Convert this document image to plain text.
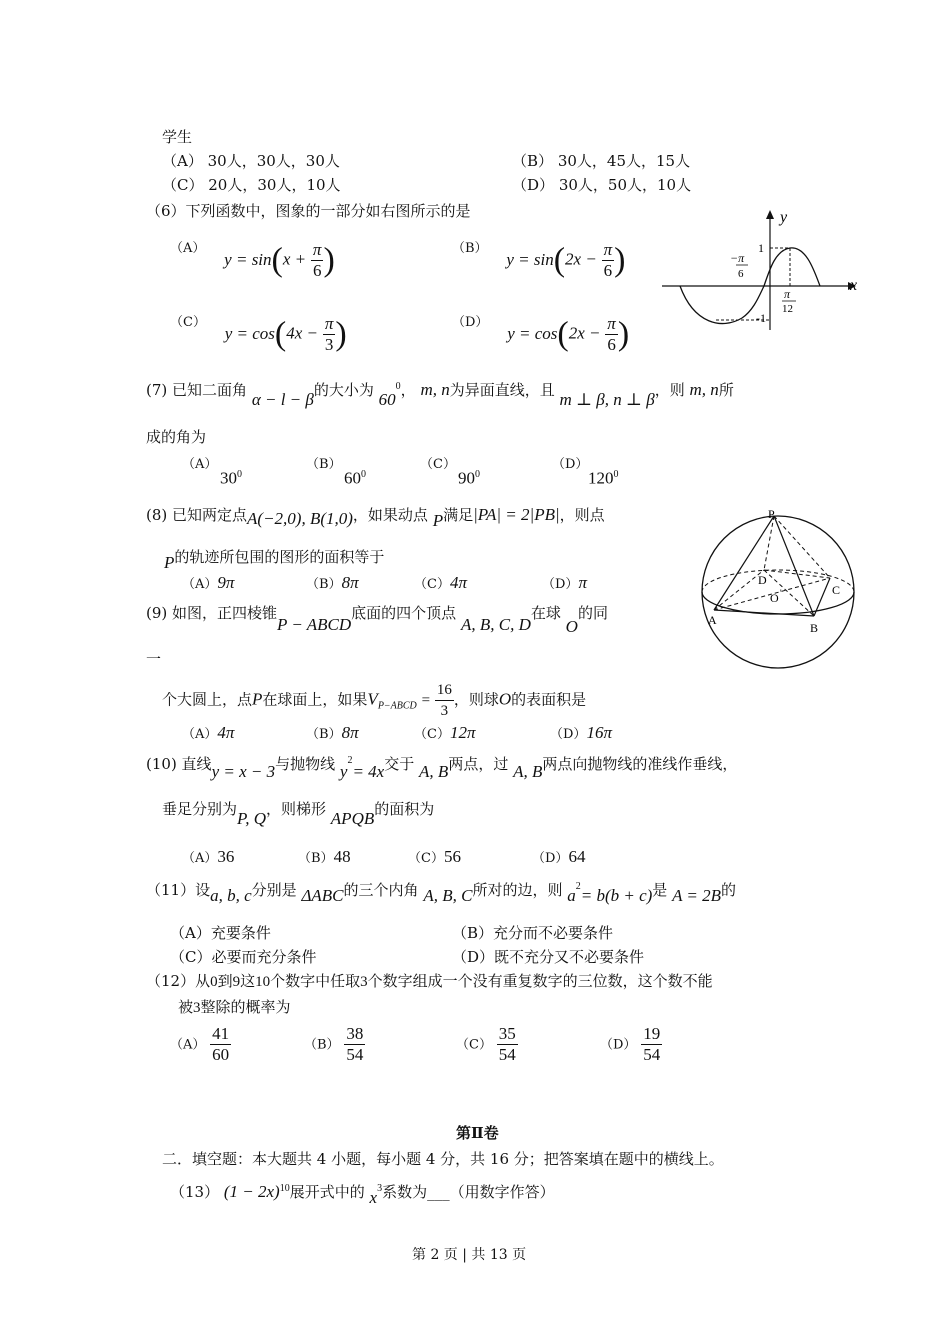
学生
（A） 30人，30人，30人	（B） 30人，45人，15人
（C） 20人，30人，10人	（D） 30人，50人，10人
（6）下列函数中，图象的一部分如右图所示的是
（A） $y = \sin(x + \frac{\pi}{6}$ )	（B） $y = \sin(2x - \frac{\pi}{6}$ )
（C） $y = \cos(4x - \frac{\pi}{3}$ )	（D） $y = \cos(2x - \frac{\pi}{6}$ )
y
x
1
-1
−π
6
π
12
(7) 已知二面角 α − l − β的大小为 $60^0$， m, n为异面直线，且 m ⊥ β, n ⊥ β，则 m, n所
成的角为
（A）
$30^0$
（B）
$60^0$
（C）
$90^0$
（D）
$120^0$
(8) 已知两定点A(−2,0), B(1,0)，如果动点 P满足|PA| = 2|PB|，则点
P的轨迹所包围的图形的面积等于
（A）9π	（B）8π	（C）4π	（D）π
(9) 如图，正四棱锥P − ABCD底面的四个顶点 A, B, C, D在球 O的同
一
个大圆上，点P在球面上，如果$V_{P-ABCD} = \frac{16}{3}$ ，则球O的表面积是
（A）4π	（B）8π	（C）12π	（D）16π
P
D
O '	C
A
B
(10) 直线y = x − 3与抛物线 $y^2= 4x$交于 A, B两点，过 A, B两点向抛物线的准线作垂线，
垂足分别为P, Q，则梯形 APQB的面积为
（A）36	（B）48	（C）56	（D）64
（11）设a, b, c分别是 ΔABC的三个内角 A, B, C所对的边，则 $a^2= b(b + c)$是 A = 2B的
（A）充要条件	（B）充分而不必要条件
（C）必要而充分条件	（D）既不充分又不必要条件
（12）从0到9这10个数字中任取3个数字组成一个没有重复数字的三位数，这个数不能
被3整除的概率为
$(A) \frac{41}{60}$	$(B) \frac{38}{54}$	$(C) \frac{35}{54}$	$(D) \frac{19}{54}$
第Ⅱ卷
二．填空题：本大题共 4 小题，每小题 4 分，共 16 分；把答案填在题中的横线上。
（13） $(1 - 2x)^{10}$展开式中的 $x^3$系数为___（用数字作答）
第 2 页 | 共 13 页
